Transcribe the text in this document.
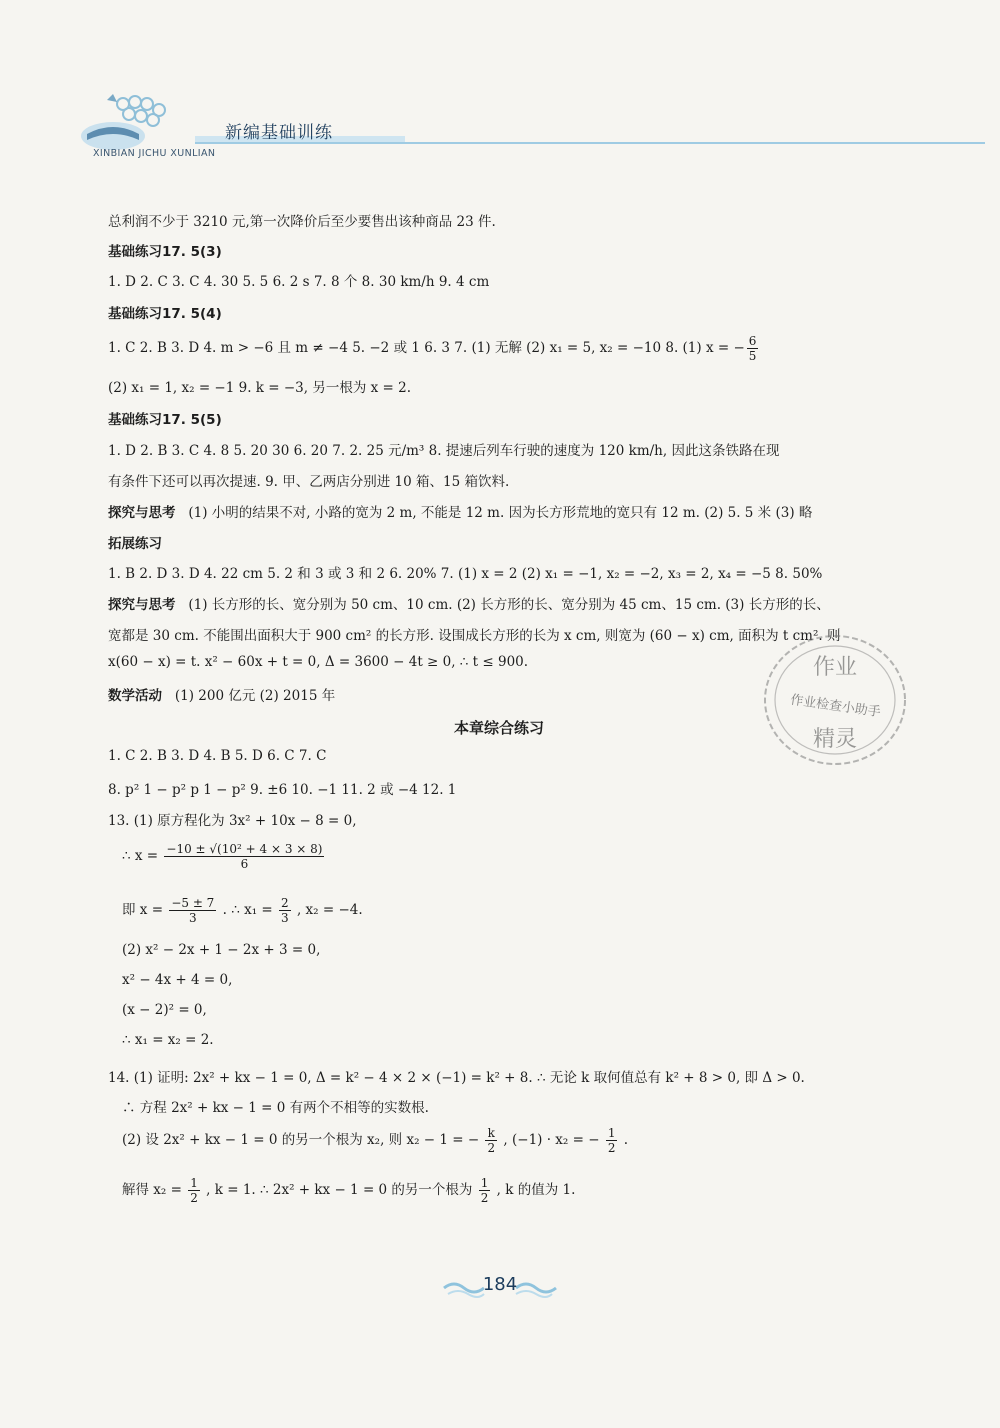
新编基础训练
XINBIAN JICHU XUNLIAN
总利润不少于 3210 元,第一次降价后至少要售出该种商品 23 件.
基础练习17. 5(3)
1. D 2. C 3. C 4. 30 5. 5 6. 2 s 7. 8 个 8. 30 km/h 9. 4 cm
基础练习17. 5(4)
1. C 2. B 3. D 4. m > −6 且 m ≠ −4 5. −2 或 1 6. 3 7. (1) 无解 (2) x₁ = 5, x₂ = −10 8. (1) x = − $\frac{6}{5}$
(2) x₁ = 1, x₂ = −1 9. k = −3, 另一根为 x = 2.
基础练习17. 5(5)
1. D 2. B 3. C 4. 8 5. 20 30 6. 20 7. 2. 25 元/m³ 8. 提速后列车行驶的速度为 120 km/h, 因此这条铁路在现
有条件下还可以再次提速. 9. 甲、乙两店分别进 10 箱、15 箱饮料.
探究与思考 (1) 小明的结果不对, 小路的宽为 2 m, 不能是 12 m. 因为长方形荒地的宽只有 12 m. (2) 5. 5 米 (3) 略
拓展练习
1. B 2. D 3. D 4. 22 cm 5. 2 和 3 或 3 和 2 6. 20% 7. (1) x = 2 (2) x₁ = −1, x₂ = −2, x₃ = 2, x₄ = −5 8. 50%
探究与思考 (1) 长方形的长、宽分别为 50 cm、10 cm. (2) 长方形的长、宽分别为 45 cm、15 cm. (3) 长方形的长、
宽都是 30 cm. 不能围出面积大于 900 cm² 的长方形. 设围成长方形的长为 x cm, 则宽为 (60 − x) cm, 面积为 t cm². 则
x(60 − x) = t. x² − 60x + t = 0, Δ = 3600 − 4t ≥ 0, ∴ t ≤ 900.
数学活动 (1) 200 亿元 (2) 2015 年
本章综合练习
1. C 2. B 3. D 4. B 5. D 6. C 7. C
8. p² 1 − p² p 1 − p² 9. ±6 10. −1 11. 2 或 −4 12. 1
13. (1) 原方程化为 3x² + 10x − 8 = 0,
∴ $x = \frac{\text{−10 ± √(10² + 4 × 3 × 8)}}{6}$
即 $x = \frac{-5 \pm 7}{3}$ . ∴ $x_1 = \frac{2}{3}$ , x₂ = −4.
(2) x² − 2x + 1 − 2x + 3 = 0,
x² − 4x + 4 = 0,
(x − 2)² = 0,
∴ x₁ = x₂ = 2.
14. (1) 证明: 2x² + kx − 1 = 0, Δ = k² − 4 × 2 × (−1) = k² + 8. ∴ 无论 k 取何值总有 k² + 8 > 0, 即 Δ > 0.
∴ 方程 2x² + kx − 1 = 0 有两个不相等的实数根.
(2) 设 2x² + kx − 1 = 0 的另一个根为 x₂, 则 x₂ − 1 = − $\frac{k}{2}$ , (−1) · x₂ = − $\frac{1}{2}$ .
解得 $x_2 = \frac{1}{2}$ , k = 1. ∴ 2x² + kx − 1 = 0 的另一个根为 $\frac{1}{2}$ , k 的值为 1.
作业
作业检查小助手
精灵
184
